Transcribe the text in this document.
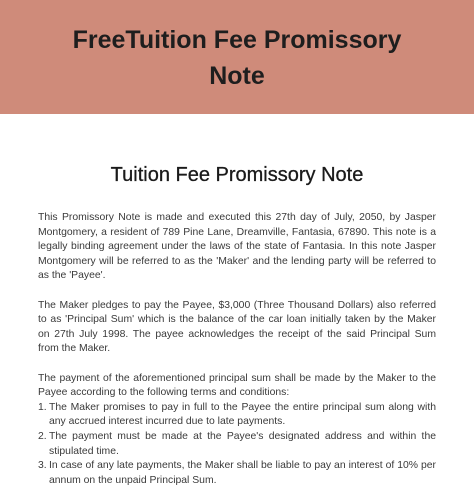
FreeTuition Fee Promissory Note
Tuition Fee Promissory Note

This Promissory Note is made and executed this 27th day of July, 2050, by Jasper Montgomery, a resident of 789 Pine Lane, Dreamville, Fantasia, 67890. This note is a legally binding agreement under the laws of the state of Fantasia. In this note Jasper Montgomery will be referred to as the 'Maker' and the lending party will be referred to as the 'Payee'.

The Maker pledges to pay the Payee, $3,000 (Three Thousand Dollars) also referred to as 'Principal Sum' which is the balance of the car loan initially taken by the Maker on 27th July 1998. The payee acknowledges the receipt of the said Principal Sum from the Maker.

The payment of the aforementioned principal sum shall be made by the Maker to the Payee according to the following terms and conditions:

1. The Maker promises to pay in full to the Payee the entire principal sum along with any accrued interest incurred due to late payments.
2. The payment must be made at the Payee's designated address and within the stipulated time.
3. In case of any late payments, the Maker shall be liable to pay an interest of 10% per annum on the unpaid Principal Sum.
